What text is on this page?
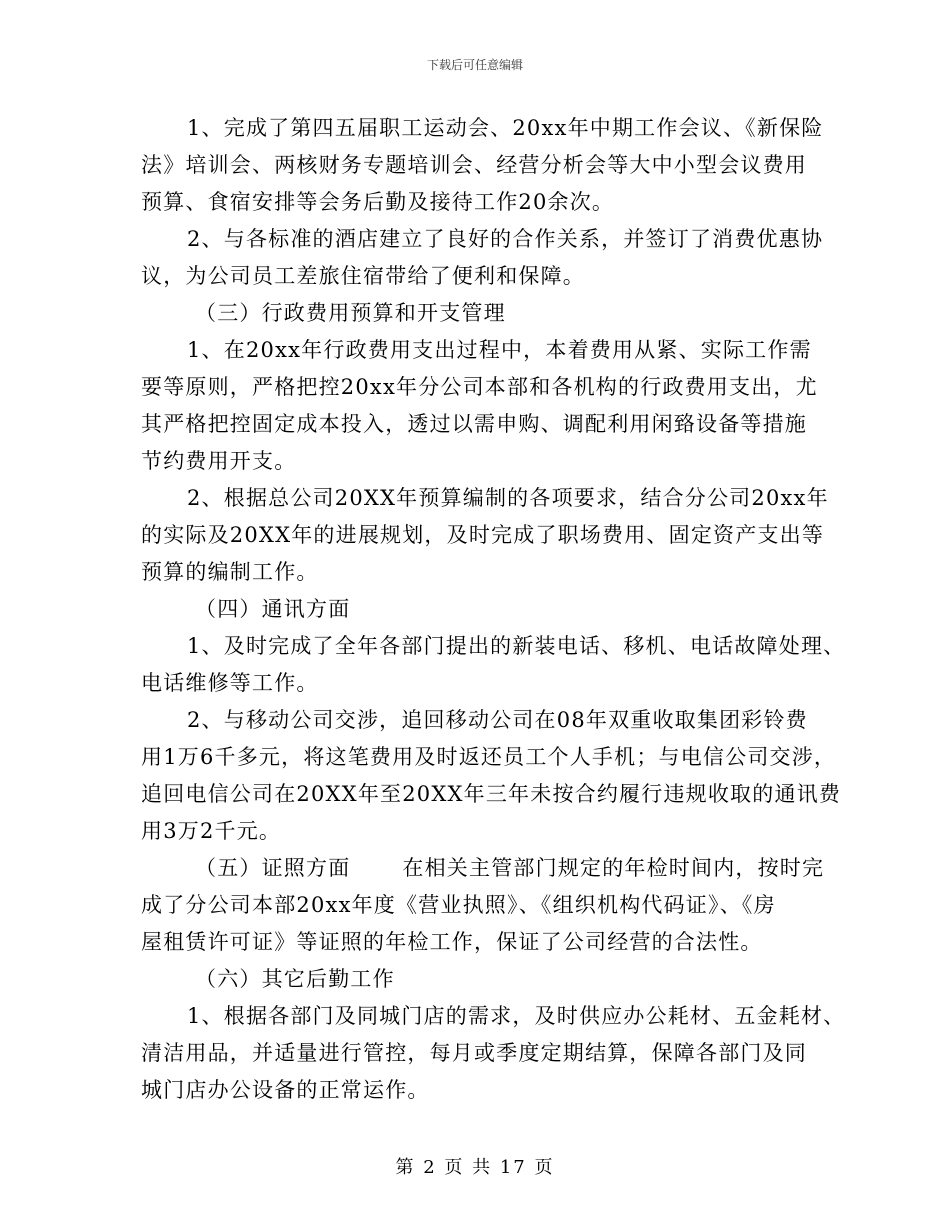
下载后可任意编辑
1、完成了第四五届职工运动会、20xx年中期工作会议、《新保险
法》培训会、两核财务专题培训会、经营分析会等大中小型会议费用
预算、食宿安排等会务后勤及接待工作20余次。
2、与各标准的酒店建立了良好的合作关系，并签订了消费优惠协
议，为公司员工差旅住宿带给了便利和保障。
（三）行政费用预算和开支管理
1、在20xx年行政费用支出过程中，本着费用从紧、实际工作需
要等原则，严格把控20xx年分公司本部和各机构的行政费用支出，尤
其严格把控固定成本投入，透过以需申购、调配利用闲臵设备等措施
节约费用开支。
2、根据总公司20XX年预算编制的各项要求，结合分公司20xx年
的实际及20XX年的进展规划，及时完成了职场费用、固定资产支出等
预算的编制工作。
（四）通讯方面
1、及时完成了全年各部门提出的新装电话、移机、电话故障处理、
电话维修等工作。
2、与移动公司交涉，追回移动公司在08年双重收取集团彩铃费
用1万6千多元，将这笔费用及时返还员工个人手机；与电信公司交涉，
追回电信公司在20XX年至20XX年三年未按合约履行违规收取的通讯费
用3万2千元。
（五）证照方面 在相关主管部门规定的年检时间内，按时完
成了分公司本部20xx年度《营业执照》、《组织机构代码证》、《房
屋租赁许可证》等证照的年检工作，保证了公司经营的合法性。
（六）其它后勤工作
1、根据各部门及同城门店的需求，及时供应办公耗材、五金耗材、
清洁用品，并适量进行管控，每月或季度定期结算，保障各部门及同
城门店办公设备的正常运作。
第 2 页 共 17 页
